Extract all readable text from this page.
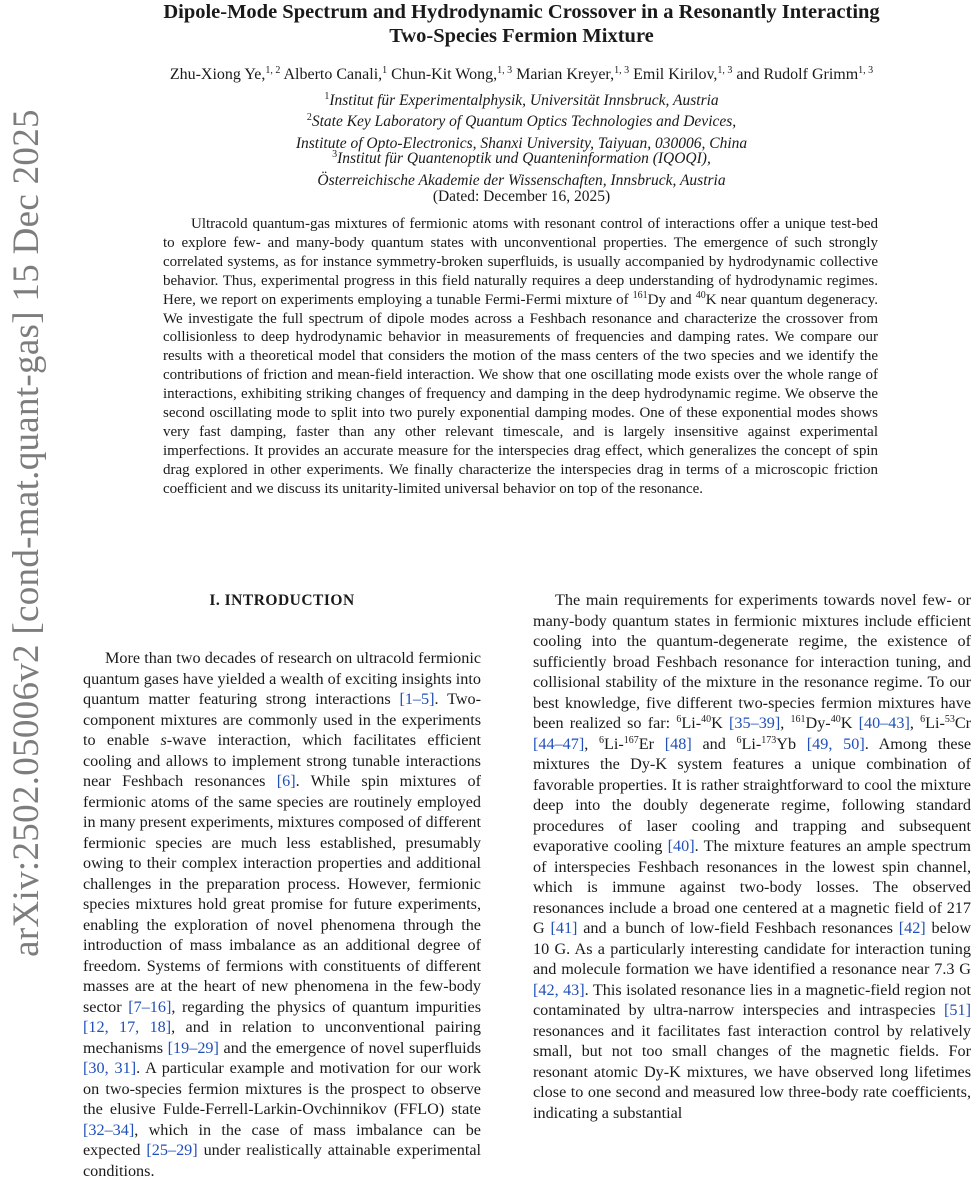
arXiv:2502.05006v2 [cond-mat.quant-gas] 15 Dec 2025
Dipole-Mode Spectrum and Hydrodynamic Crossover in a Resonantly Interacting
Two-Species Fermion Mixture
Zhu-Xiong Ye,$^{1, 2}$ Alberto Canali,$^1$ Chun-Kit Wong,$^{1, 3}$ Marian Kreyer,$^{1, 3}$ Emil Kirilov,$^{1, 3}$ and Rudolf Grimm$^{1, 3}$
$^1$Institut für Experimentalphysik, Universität Innsbruck, Austria
$^2$State Key Laboratory of Quantum Optics Technologies and Devices,
Institute of Opto-Electronics, Shanxi University, Taiyuan, 030006, China
$^3$Institut für Quantenoptik und Quanteninformation (IQOQI),
Österreichische Akademie der Wissenschaften, Innsbruck, Austria
(Dated: December 16, 2025)

Ultracold quantum-gas mixtures of fermionic atoms with resonant control of interactions offer a unique test-bed to explore few- and many-body quantum states with unconventional properties. The emergence of such strongly correlated systems, as for instance symmetry-broken superfluids, is usually accompanied by hydrodynamic collective behavior. Thus, experimental progress in this field naturally requires a deep understanding of hydrodynamic regimes. Here, we report on experiments employing a tunable Fermi-Fermi mixture of $^{161}$Dy and $^{40}$K near quantum degeneracy. We investigate the full spectrum of dipole modes across a Feshbach resonance and characterize the crossover from collisionless to deep hydrodynamic behavior in measurements of frequencies and damping rates. We compare our results with a theoretical model that considers the motion of the mass centers of the two species and we identify the contributions of friction and mean-field interaction. We show that one oscillating mode exists over the whole range of interactions, exhibiting striking changes of frequency and damping in the deep hydrodynamic regime. We observe the second oscillating mode to split into two purely exponential damping modes. One of these exponential modes shows very fast damping, faster than any other relevant timescale, and is largely insensitive against experimental imperfections. It provides an accurate measure for the interspecies drag effect, which generalizes the concept of spin drag explored in other experiments. We finally characterize the interspecies drag in terms of a microscopic friction coefficient and we discuss its unitarity-limited universal behavior on top of the resonance.

I. INTRODUCTION

More than two decades of research on ultracold fermionic quantum gases have yielded a wealth of exciting insights into quantum matter featuring strong interactions [1–5]. Two-component mixtures are commonly used in the experiments to enable s-wave interaction, which facilitates efficient cooling and allows to implement strong tunable interactions near Feshbach resonances [6]. While spin mixtures of fermionic atoms of the same species are routinely employed in many present experiments, mixtures composed of different fermionic species are much less established, presumably owing to their complex interaction properties and additional challenges in the preparation process. However, fermionic species mixtures hold great promise for future experiments, enabling the exploration of novel phenomena through the introduction of mass imbalance as an additional degree of freedom. Systems of fermions with constituents of different masses are at the heart of new phenomena in the few-body sector [7–16], regarding the physics of quantum impurities [12, 17, 18], and in relation to unconventional pairing mechanisms [19–29] and the emergence of novel superfluids [30, 31]. A particular example and motivation for our work on two-species fermion mixtures is the prospect to observe the elusive Fulde-Ferrell-Larkin-Ovchinnikov (FFLO) state [32–34], which in the case of mass imbalance can be expected [25–29] under realistically attainable experimental conditions.

The main requirements for experiments towards novel few- or many-body quantum states in fermionic mixtures include efficient cooling into the quantum-degenerate regime, the existence of sufficiently broad Feshbach resonance for interaction tuning, and collisional stability of the mixture in the resonance regime. To our best knowledge, five different two-species fermion mixtures have been realized so far: $^6$Li-$^{40}$K [35–39], $^{161}$Dy-$^{40}$K [40–43], $^6$Li-$^{53}$Cr [44–47], $^6$Li-$^{167}$Er [48] and $^6$Li-$^{173}$Yb [49, 50]. Among these mixtures the Dy-K system features a unique combination of favorable properties. It is rather straightforward to cool the mixture deep into the doubly degenerate regime, following standard procedures of laser cooling and trapping and subsequent evaporative cooling [40]. The mixture features an ample spectrum of interspecies Feshbach resonances in the lowest spin channel, which is immune against two-body losses. The observed resonances include a broad one centered at a magnetic field of 217 G [41] and a bunch of low-field Feshbach resonances [42] below 10 G. As a particularly interesting candidate for interaction tuning and molecule formation we have identified a resonance near 7.3 G [42, 43]. This isolated resonance lies in a magnetic-field region not contaminated by ultra-narrow interspecies and intraspecies [51] resonances and it facilitates fast interaction control by relatively small, but not too small changes of the magnetic fields. For resonant atomic Dy-K mixtures, we have observed long lifetimes close to one second and measured low three-body rate coefficients, indicating a substantial
